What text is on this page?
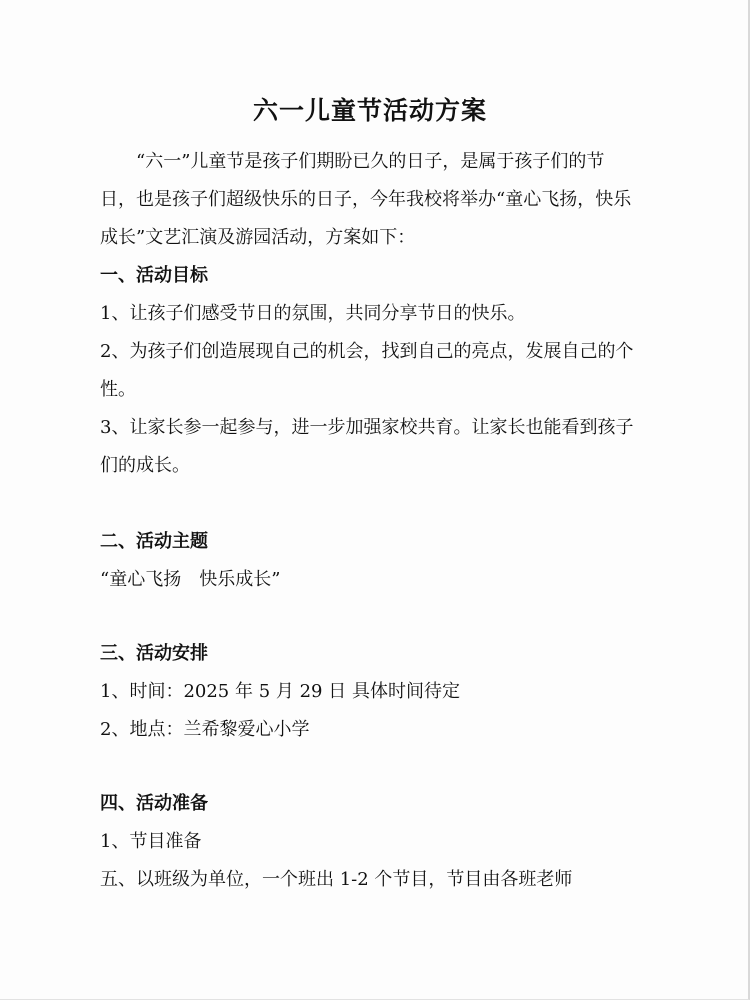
六一儿童节活动方案

“六一”儿童节是孩子们期盼已久的日子，是属于孩子们的节日，也是孩子们超级快乐的日子，今年我校将举办“童心飞扬，快乐成长”文艺汇演及游园活动，方案如下：

一、活动目标

1、让孩子们感受节日的氛围，共同分享节日的快乐。

2、为孩子们创造展现自己的机会，找到自己的亮点，发展自己的个性。

3、让家长参一起参与，进一步加强家校共育。让家长也能看到孩子们的成长。

二、活动主题

“童心飞扬　快乐成长”

三、活动安排

1、时间：2025 年 5 月 29 日 具体时间待定

2、地点：兰希黎爱心小学

四、活动准备

1、节目准备

五、以班级为单位，一个班出 1-2 个节目，节目由各班老师
